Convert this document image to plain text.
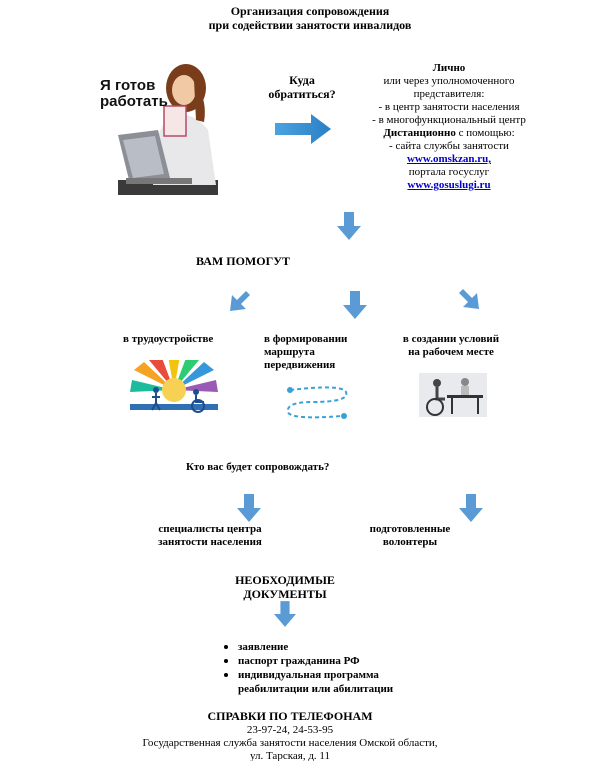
Организация сопровождения
при содействии занятости инвалидов
Я готов
работать
Куда
обратиться?
Лично
или через уполномоченного
представителя:
- в центр занятости населения
- в многофункциональный центр
Дистанционно с помощью:
- сайта службы занятости
www.omskzan.ru,
портала госуслуг
www.gosuslugi.ru
ВАМ ПОМОГУТ
в трудоустройстве	в формировании
маршрута
передвижения
в создании условий
на рабочем месте
Кто вас будет сопровождать?
специалисты центра
занятости населения
подготовленные
волонтеры
НЕОБХОДИМЫЕ
ДОКУМЕНТЫ
заявление
паспорт гражданина РФ
индивидуальная программа
реабилитации или абилитации
СПРАВКИ ПО ТЕЛЕФОНАМ
23-97-24, 24-53-95
Государственная служба занятости населения Омской области,
ул. Тарская, д. 11
